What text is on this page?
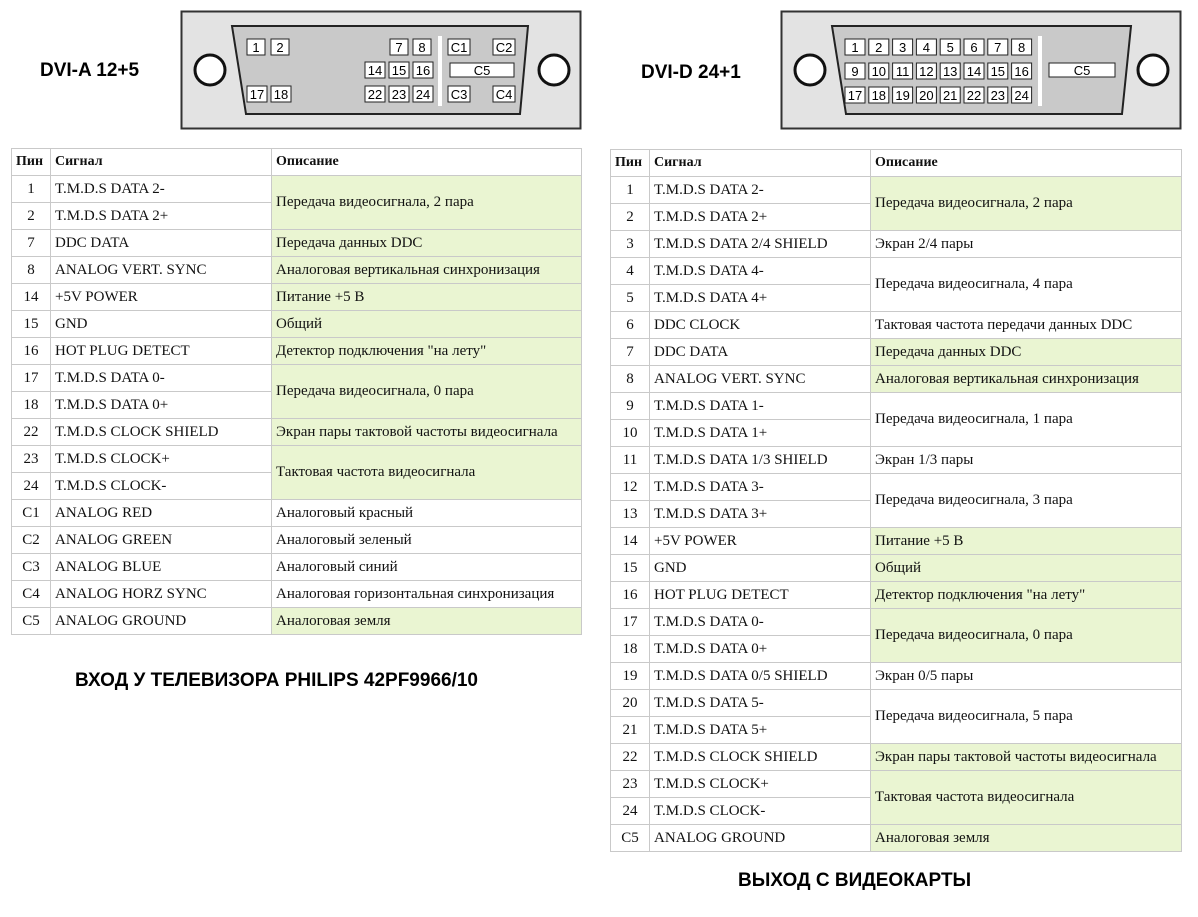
DVI-A 12+5
1 2	7 8
14 15 16
17 18	22 23 24
C1 C2
C5
C3 C4
Пин	Сигнал	Описание
1	T.M.D.S DATA 2-	Передача видеосигнала, 2 пара
2	T.M.D.S DATA 2+	
7	DDC DATA	Передача данных DDC
8	ANALOG VERT. SYNC	Аналоговая вертикальная синхронизация
14	+5V POWER	Питание +5 В
15	GND	Общий
16	HOT PLUG DETECT	Детектор подключения "на лету"
17	T.M.D.S DATA 0-	Передача видеосигнала, 0 пара
18	T.M.D.S DATA 0+	
22	T.M.D.S CLOCK SHIELD	Экран пары тактовой частоты видеосигнала
23	T.M.D.S CLOCK+	Тактовая частота видеосигнала
24	T.M.D.S CLOCK-	
C1	ANALOG RED	Аналоговый красный
C2	ANALOG GREEN	Аналоговый зеленый
C3	ANALOG BLUE	Аналоговый синий
C4	ANALOG HORZ SYNC	Аналоговая горизонтальная синхронизация
C5	ANALOG GROUND	Аналоговая земля
ВХОД У ТЕЛЕВИЗОРА PHILIPS 42PF9966/10
DVI-D 24+1
1 2 3 4 5 6 7 8
9 10 11 12 13 14 15 16
17 18 19 20 21 22 23 24
C5
Пин	Сигнал	Описание
1	T.M.D.S DATA 2-	Передача видеосигнала, 2 пара
2	T.M.D.S DATA 2+	
3	T.M.D.S DATA 2/4 SHIELD	Экран 2/4 пары
4	T.M.D.S DATA 4-	Передача видеосигнала, 4 пара
5	T.M.D.S DATA 4+	
6	DDC CLOCK	Тактовая частота передачи данных DDC
7	DDC DATA	Передача данных DDC
8	ANALOG VERT. SYNC	Аналоговая вертикальная синхронизация
9	T.M.D.S DATA 1-	Передача видеосигнала, 1 пара
10	T.M.D.S DATA 1+	
11	T.M.D.S DATA 1/3 SHIELD	Экран 1/3 пары
12	T.M.D.S DATA 3-	Передача видеосигнала, 3 пара
13	T.M.D.S DATA 3+	
14	+5V POWER	Питание +5 В
15	GND	Общий
16	HOT PLUG DETECT	Детектор подключения "на лету"
17	T.M.D.S DATA 0-	Передача видеосигнала, 0 пара
18	T.M.D.S DATA 0+	
19	T.M.D.S DATA 0/5 SHIELD	Экран 0/5 пары
20	T.M.D.S DATA 5-	Передача видеосигнала, 5 пара
21	T.M.D.S DATA 5+	
22	T.M.D.S CLOCK SHIELD	Экран пары тактовой частоты видеосигнала
23	T.M.D.S CLOCK+	Тактовая частота видеосигнала
24	T.M.D.S CLOCK-	
C5	ANALOG GROUND	Аналоговая земля
ВЫХОД С ВИДЕОКАРТЫ
